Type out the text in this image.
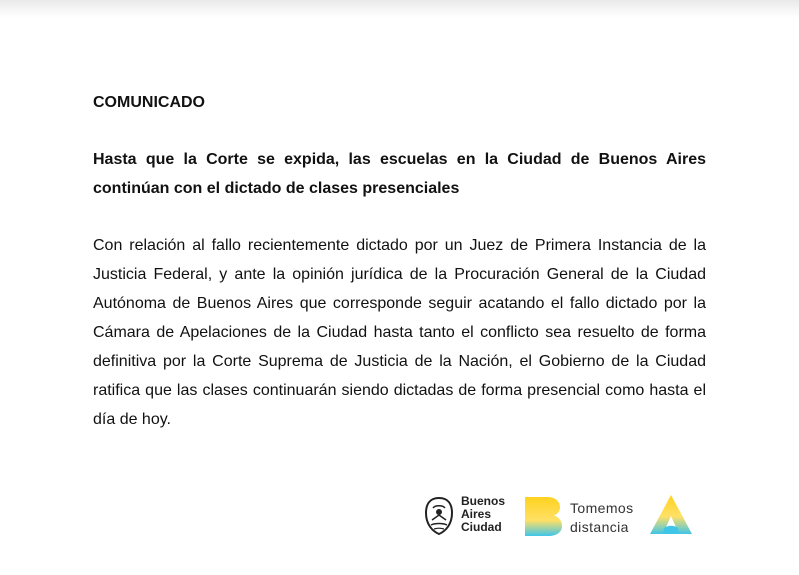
COMUNICADO

Hasta que la Corte se expida, las escuelas en la Ciudad de Buenos Aires continúan con el dictado de clases presenciales

Con relación al fallo recientemente dictado por un Juez de Primera Instancia de la Justicia Federal, y ante la opinión jurídica de la Procuración General de la Ciudad Autónoma de Buenos Aires que corresponde seguir acatando el fallo dictado por la Cámara de Apelaciones de la Ciudad hasta tanto el conflicto sea resuelto de forma definitiva por la Corte Suprema de Justicia de la Nación, el Gobierno de la Ciudad ratifica que las clases continuarán siendo dictadas de forma presencial como hasta el día de hoy.

Buenos
Aires
Ciudad
Tomemos
distancia
